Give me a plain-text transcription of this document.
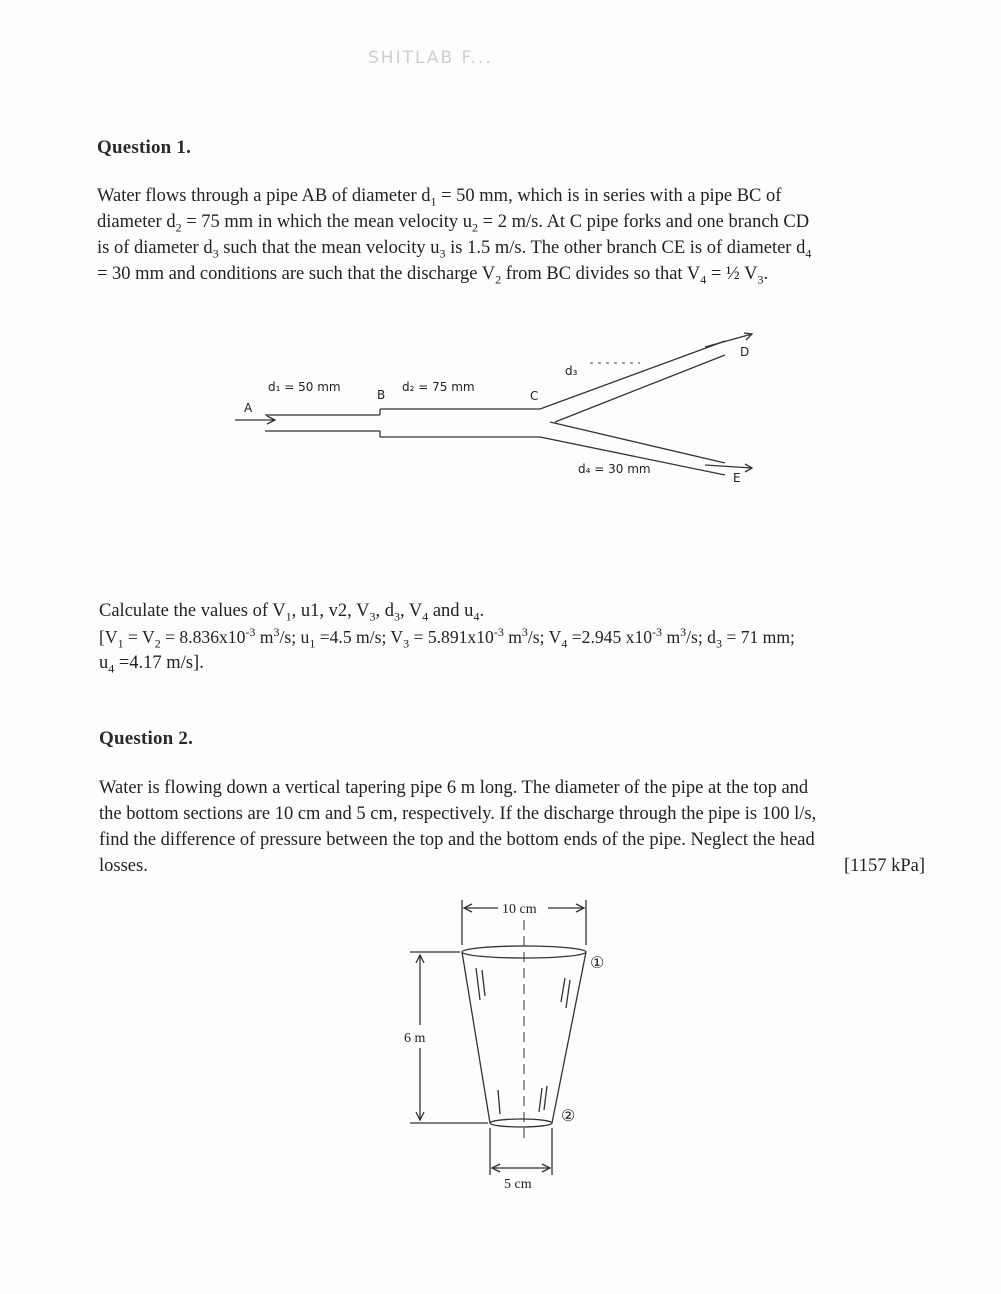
SHITLAB F...
Question 1.
Water flows through a pipe AB of diameter $d_1 = 50$ mm, which is in series with a pipe BC of
diameter $d_2 = 75$ mm in which the mean velocity $u_2 = 2$ m/s. At C pipe forks and one branch CD
is of diameter $d_3$ such that the mean velocity $u_3$ is 1.5 m/s. The other branch CE is of diameter $d_4$
= 30 mm and conditions are such that the discharge $V_2$ from BC divides so that $V_4$ = ½ $V_3$.
A
B	C
D
E
d₁ = 50 mm	d₂ = 75 mm
d₃
d₄ = 30 mm
Calculate the values of $V_1$, u1, v2, $V_3$, $d_3$, $V_4$ and $u_4$.
[$V_1 = V_2 = 8.836x10^{-3}$ $m^3/s$; $u_1 =4.5$ m/s; $V_3 = 5.891x10^{-3}$ $m^3/s$; $V_4 =2.945$ $x10^{-3}$ $m^3/s$; $d_3 = 71$ mm;
$u_4 =4.17$ m/s].
Question 2.
Water is flowing down a vertical tapering pipe 6 m long. The diameter of the pipe at the top and
the bottom sections are 10 cm and 5 cm, respectively. If the discharge through the pipe is 100 l/s,
find the difference of pressure between the top and the bottom ends of the pipe. Neglect the head
losses.	[1157 kPa]
10 cm
5 cm
6 m
①
②
